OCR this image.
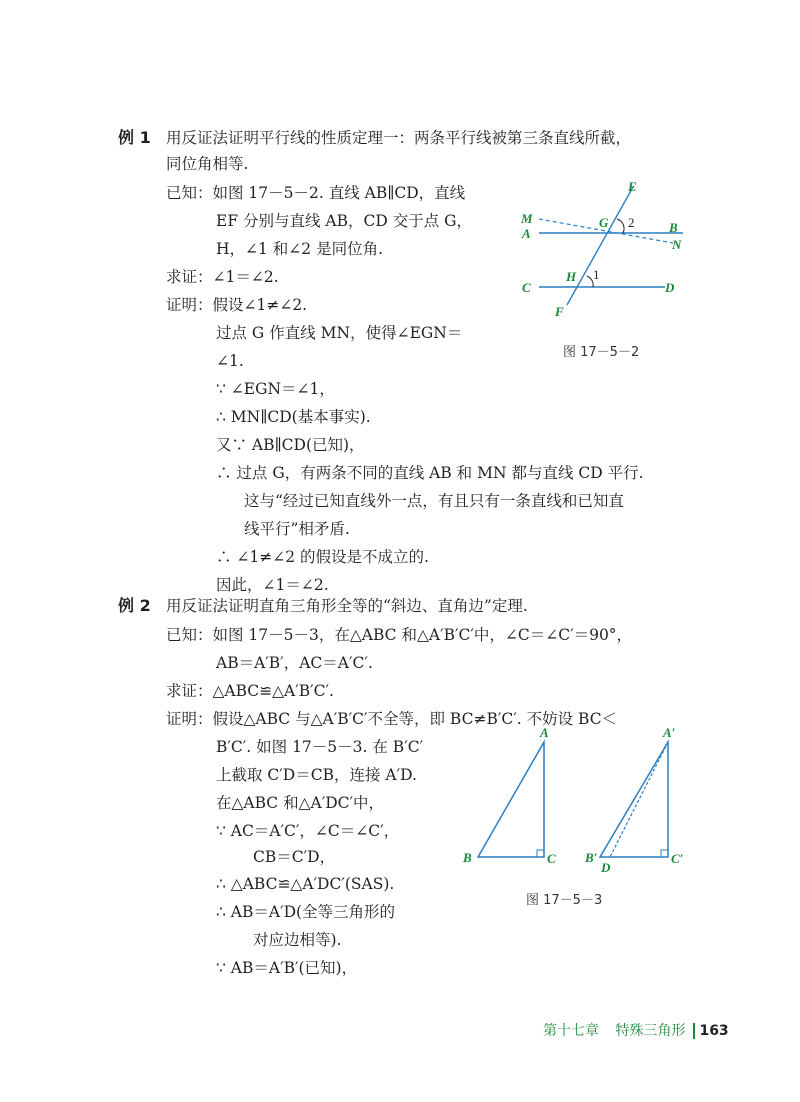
例 1 用反证法证明平行线的性质定理一：两条平行线被第三条直线所截，
同位角相等.
已知：如图 17－5－2. 直线 AB∥CD，直线
EF 分别与直线 AB，CD 交于点 G，
H，∠1 和∠2 是同位角.
求证：∠1＝∠2.
证明：假设∠1≠∠2.
过点 G 作直线 MN，使得∠EGN＝
∠1.
∵ ∠EGN＝∠1，
∴ MN∥CD(基本事实).
又∵ AB∥CD(已知)，
∴ 过点 G，有两条不同的直线 AB 和 MN 都与直线 CD 平行.
这与“经过已知直线外一点，有且只有一条直线和已知直
线平行”相矛盾.
∴ ∠1≠∠2 的假设是不成立的.
因此，∠1＝∠2.
E
M	G 2	B
A
N
H 1
C	D
F
图 17－5－2
例 2 用反证法证明直角三角形全等的“斜边、直角边”定理.
已知：如图 17－5－3，在△ABC 和△A′B′C′中，∠C＝∠C′＝90°，
AB＝A′B′，AC＝A′C′.
求证：△ABC≌△A′B′C′.
证明：假设△ABC 与△A′B′C′不全等，即 BC≠B′C′. 不妨设 BC＜
B′C′. 如图 17－5－3. 在 B′C′
上截取 C′D＝CB，连接 A′D.
在△ABC 和△A′DC′中，
∵ AC＝A′C′，∠C＝∠C′，
CB＝C′D，
∴ △ABC≌△A′DC′(SAS).
∴ AB＝A′D(全等三角形的
对应边相等).
∵ AB＝A′B′(已知)，
A
B	C
A′
B′
D
C′
图 17－5－3
第十七章 特殊三角形 163
